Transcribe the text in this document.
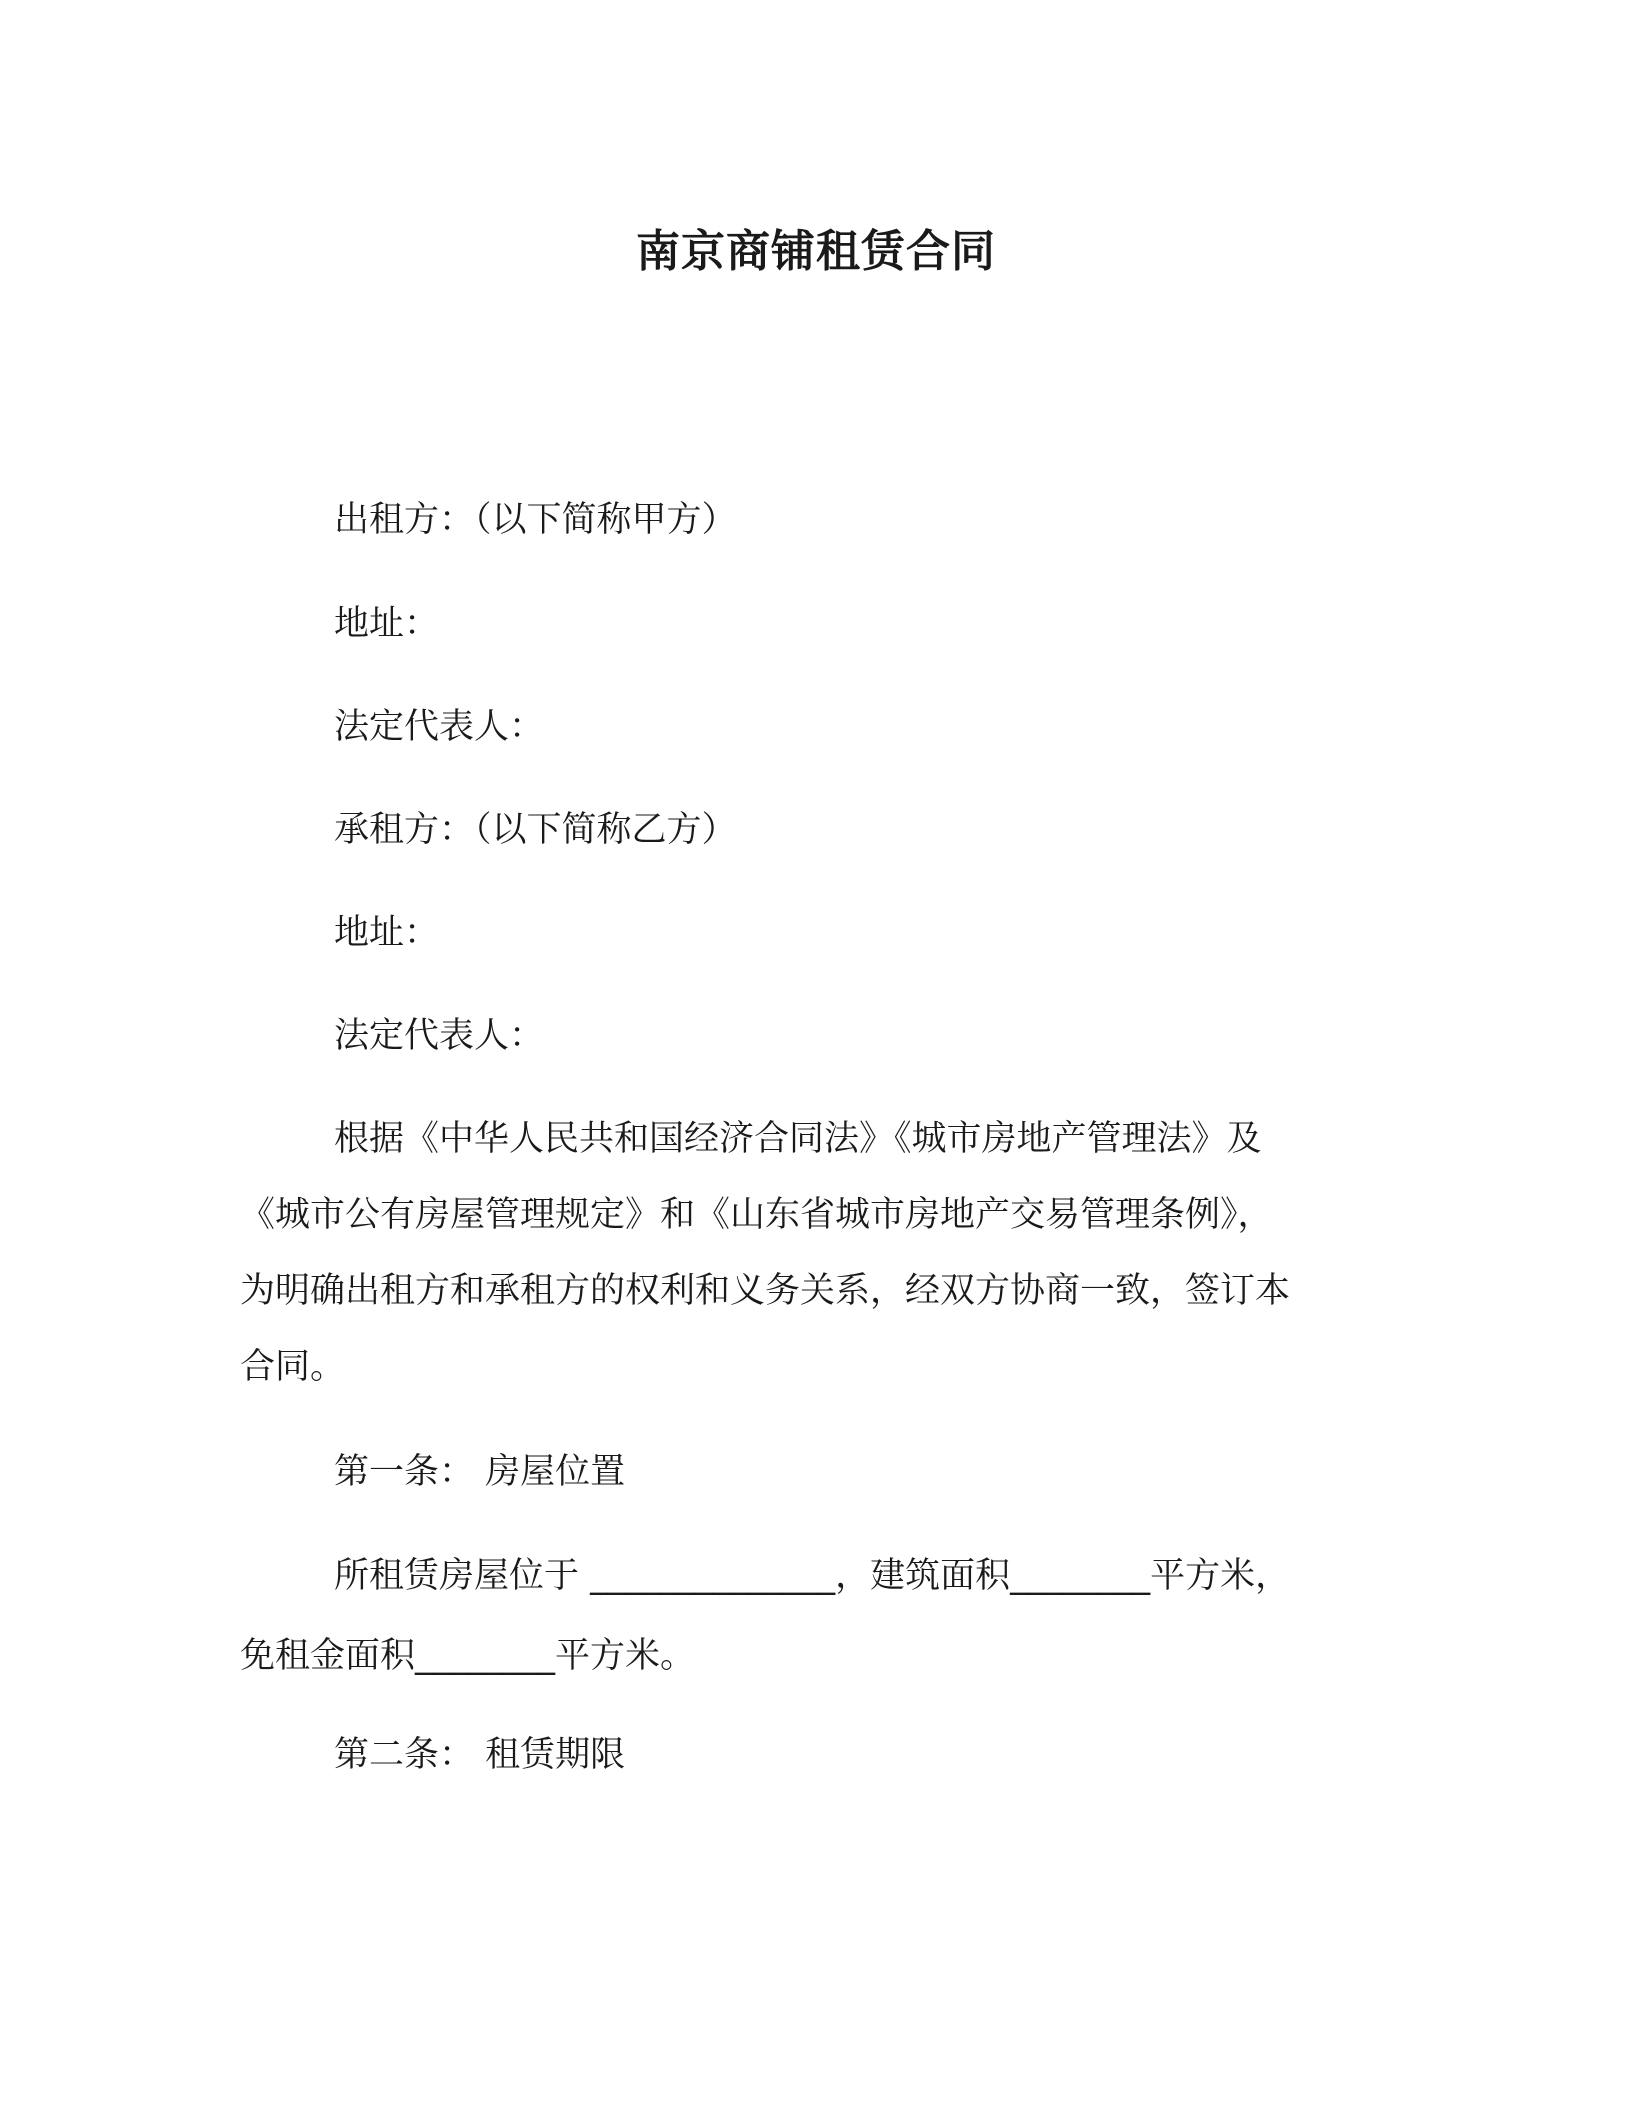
南京商铺租赁合同
出租方：（以下简称甲方）
地址：
法定代表人：
承租方：（以下简称乙方）
地址：
法定代表人：
根据《中华人民共和国经济合同法》《城市房地产管理法》及
《城市公有房屋管理规定》和《山东省城市房地产交易管理条例》，
为明确出租方和承租方的权利和义务关系，经双方协商一致，签订本
合同。
第一条： 房屋位置
所租赁房屋位于 ______________，建筑面积________平方米，
免租金面积________平方米。
第二条： 租赁期限
